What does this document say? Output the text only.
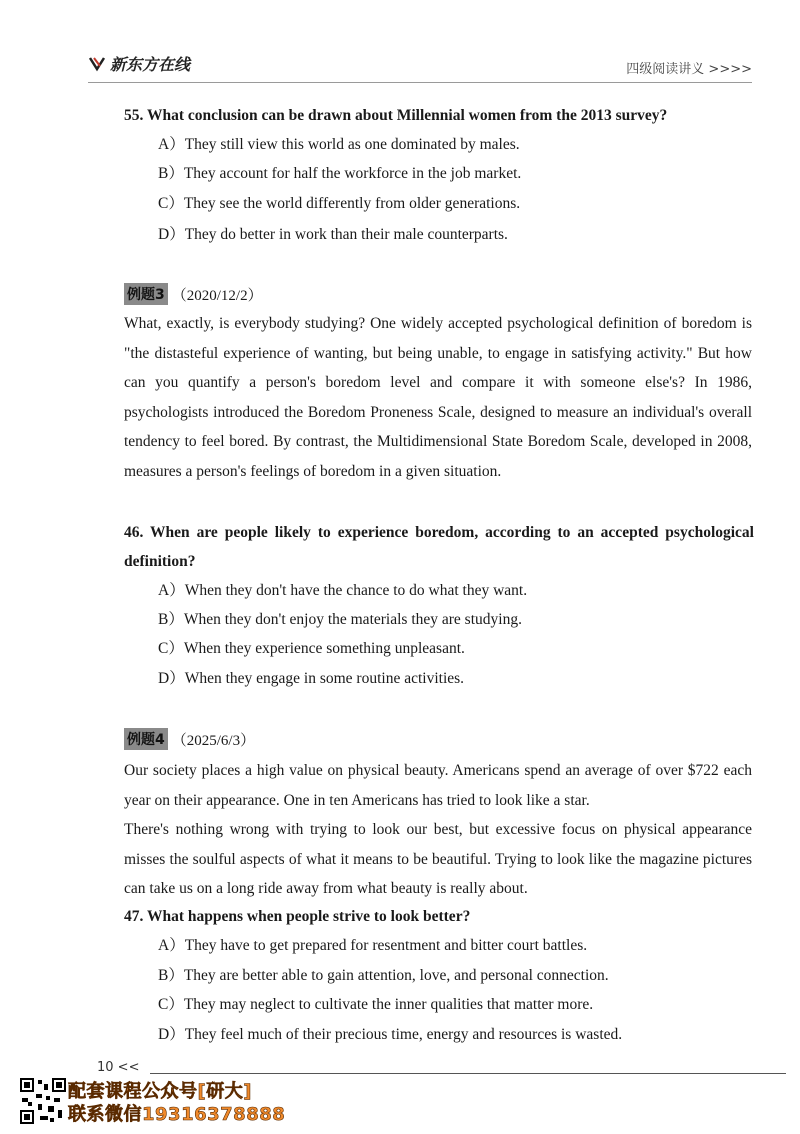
新东方在线	四级阅读讲义 >>>>
55. What conclusion can be drawn about Millennial women from the 2013 survey?
A）They still view this world as one dominated by males.
B）They account for half the workforce in the job market.
C）They see the world differently from older generations.
D）They do better in work than their male counterparts.
例题3 （2020/12/2）

What, exactly, is everybody studying? One widely accepted psychological definition of boredom is "the distasteful experience of wanting, but being unable, to engage in satisfying activity." But how can you quantify a person's boredom level and compare it with someone else's? In 1986, psychologists introduced the Boredom Proneness Scale, designed to measure an individual's overall tendency to feel bored. By contrast, the Multidimensional State Boredom Scale, developed in 2008, measures a person's feelings of boredom in a given situation.

46. When are people likely to experience boredom, according to an accepted psychological definition?
A）When they don't have the chance to do what they want.
B）When they don't enjoy the materials they are studying.
C）When they experience something unpleasant.
D）When they engage in some routine activities.
例题4 （2025/6/3）

Our society places a high value on physical beauty. Americans spend an average of over $722 each year on their appearance. One in ten Americans has tried to look like a star.

There's nothing wrong with trying to look our best, but excessive focus on physical appearance misses the soulful aspects of what it means to be beautiful. Trying to look like the magazine pictures can take us on a long ride away from what beauty is really about.

47. What happens when people strive to look better?
A）They have to get prepared for resentment and bitter court battles.
B）They are better able to gain attention, love, and personal connection.
C）They may neglect to cultivate the inner qualities that matter more.
D）They feel much of their precious time, energy and resources is wasted.
10 <<
配套课程公众号[研大]
联系微信19316378888
